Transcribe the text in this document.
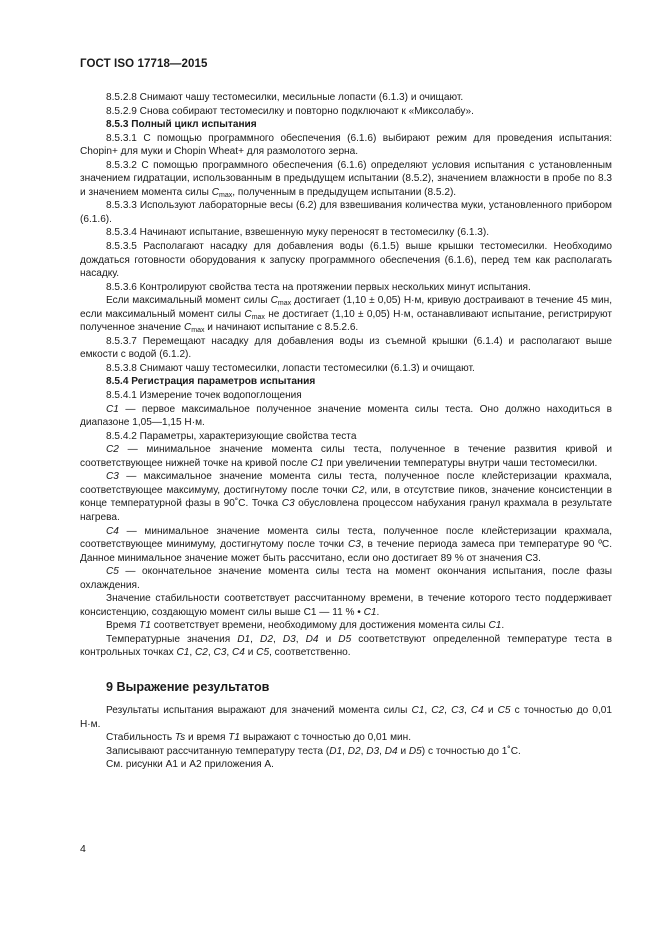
ГОСТ ISO 17718—2015

8.5.2.8 Снимают чашу тестомесилки, месильные лопасти (6.1.3) и очищают.

8.5.2.9 Снова собирают тестомесилку и повторно подключают к «Миксолабу».

8.5.3 Полный цикл испытания

8.5.3.1 С помощью программного обеспечения (6.1.6) выбирают режим для проведения испытания: Chopin+ для муки и Chopin Wheat+ для размолотого зерна.

8.5.3.2 С помощью программного обеспечения (6.1.6) определяют условия испытания с установленным значением гидратации, использованным в предыдущем испытании (8.5.2), значением влажности в пробе по 8.3 и значением момента силы $C_{max}$, полученным в предыдущем испытании (8.5.2).

8.5.3.3 Используют лабораторные весы (6.2) для взвешивания количества муки, установленного прибором (6.1.6).

8.5.3.4 Начинают испытание, взвешенную муку переносят в тестомесилку (6.1.3).

8.5.3.5 Располагают насадку для добавления воды (6.1.5) выше крышки тестомесилки. Необходимо дождаться готовности оборудования к запуску программного обеспечения (6.1.6), перед тем как располагать насадку.

8.5.3.6 Контролируют свойства теста на протяжении первых нескольких минут испытания.

Если максимальный момент силы $C_{max}$ достигает (1,10 ± 0,05) Н·м, кривую достраивают в течение 45 мин, если максимальный момент силы $C_{max}$ не достигает (1,10 ± 0,05) Н·м, останавливают испытание, регистрируют полученное значение $C_{max}$ и начинают испытание с 8.5.2.6.

8.5.3.7 Перемещают насадку для добавления воды из съемной крышки (6.1.4) и располагают выше емкости с водой (6.1.2).

8.5.3.8 Снимают чашу тестомесилки, лопасти тестомесилки (6.1.3) и очищают.

8.5.4 Регистрация параметров испытания

8.5.4.1 Измерение точек водопоглощения

C1 — первое максимальное полученное значение момента силы теста. Оно должно находиться в диапазоне 1,05—1,15 Н·м.

8.5.4.2 Параметры, характеризующие свойства теста

C2 — минимальное значение момента силы теста, полученное в течение развития кривой и соответствующее нижней точке на кривой после C1 при увеличении температуры внутри чаши тестомесилки.

C3 — максимальное значение момента силы теста, полученное после клейстеризации крахмала, соответствующее максимуму, достигнутому после точки C2, или, в отсутствие пиков, значение консистенции в конце температурной фазы в 90˚С. Точка C3 обусловлена процессом набухания гранул крахмала в результате нагрева.

C4 — минимальное значение момента силы теста, полученное после клейстеризации крахмала, соответствующее минимуму, достигнутому после точки C3, в течение периода замеса при температуре 90 ºС. Данное минимальное значение может быть рассчитано, если оно достигает 89 % от значения С3.

C5 — окончательное значение момента силы теста на момент окончания испытания, после фазы охлаждения.

Значение стабильности соответствует рассчитанному времени, в течение которого тесто поддерживает консистенцию, создающую момент силы выше С1 — 11 % • C1.

Время T1 соответствует времени, необходимому для достижения момента силы C1.

Температурные значения D1, D2, D3, D4 и D5 соответствуют определенной температуре теста в контрольных точках C1, C2, C3, C4 и C5, соответственно.

9 Выражение результатов

Результаты испытания выражают для значений момента силы C1, C2, C3, C4 и C5 с точностью до 0,01 Н·м.

Стабильность Ts и время T1 выражают с точностью до 0,01 мин.

Записывают рассчитанную температуру теста (D1, D2, D3, D4 и D5) с точностью до 1˚С.

См. рисунки А1 и А2 приложения А.

4
